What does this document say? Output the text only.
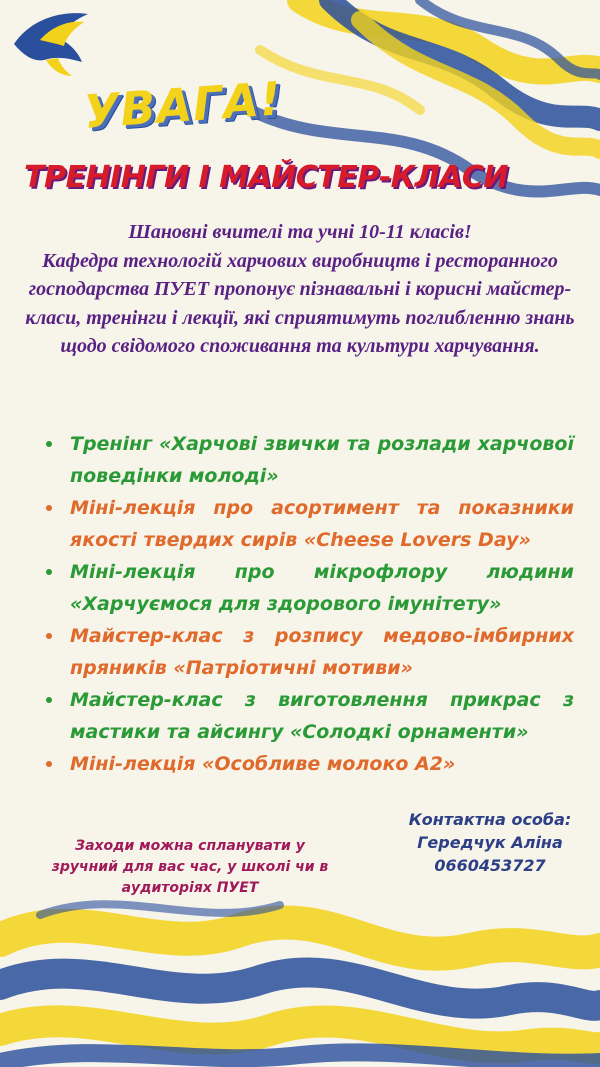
УВАГА!
ТРЕНІНГИ І МАЙСТЕР-КЛАСИ
Шановні вчителі та учні 10-11 класів!
Кафедра технологій харчових виробництв і ресторанного господарства ПУЕТ пропонує пізнавальні і корисні майстер-класи, тренінги і лекції, які сприятимуть поглибленню знань щодо свідомого споживання та культури харчування.
Тренінг «Харчові звички та розлади харчової поведінки молоді»
Міні-лекція про асортимент та показники якості твердих сирів «Cheese Lovers Day»
Міні-лекція про мікрофлору людини «Харчуємося для здорового імунітету»
Майстер-клас з розпису медово-імбирних пряників «Патріотичні мотиви»
Майстер-клас з виготовлення прикрас з мастики та айсингу «Солодкі орнаменти»
Міні-лекція «Особливе молоко А2»
Контактна особа:
Гередчук Аліна
0660453727
Заходи можна спланувати у зручний для вас час, у школі чи в аудиторіях ПУЕТ
